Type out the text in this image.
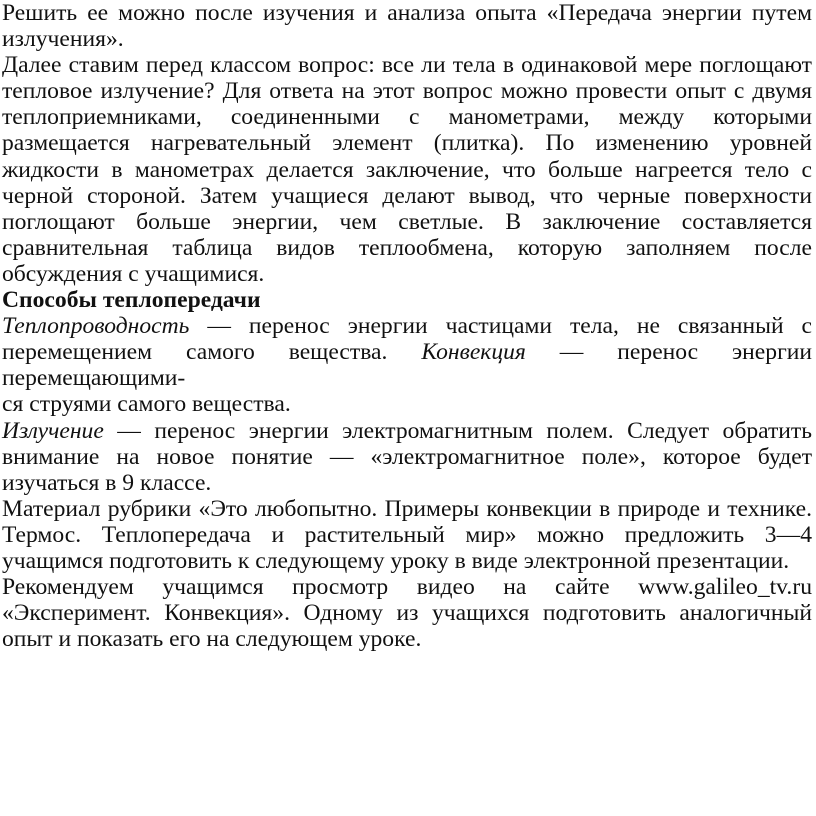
Решить ее можно после изучения и анализа опыта «Передача энергии путем излучения».

Далее ставим перед классом вопрос: все ли тела в одинаковой мере поглощают тепловое излучение? Для ответа на этот вопрос можно провести опыт с двумя теплоприемниками, соединенными с манометрами, между которыми размещается нагревательный элемент (плитка). По изменению уровней жидкости в манометрах делается заключение, что больше нагреется тело с черной стороной. Затем учащиеся делают вывод, что черные поверхности поглощают больше энергии, чем светлые. В заключение составляется сравнительная таблица видов теплообмена, которую заполняем после обсуждения с учащимися.

Способы теплопередачи

Теплопроводность — перенос энергии частицами тела, не связанный с перемещением самого вещества. Конвекция — перенос энергии перемещающими-

ся струями самого вещества.

Излучение — перенос энергии электромагнитным полем. Следует обратить внимание на новое понятие — «электромагнитное поле», которое будет изучаться в 9 классе.

Материал рубрики «Это любопытно. Примеры конвекции в природе и технике. Термос. Теплопередача и растительный мир» можно предложить 3—4 учащимся подготовить к следующему уроку в виде электронной презентации.

Рекомендуем учащимся просмотр видео на сайте www.galileo_tv.ru «Эксперимент. Конвекция». Одному из учащихся подготовить аналогичный опыт и показать его на следующем уроке.
